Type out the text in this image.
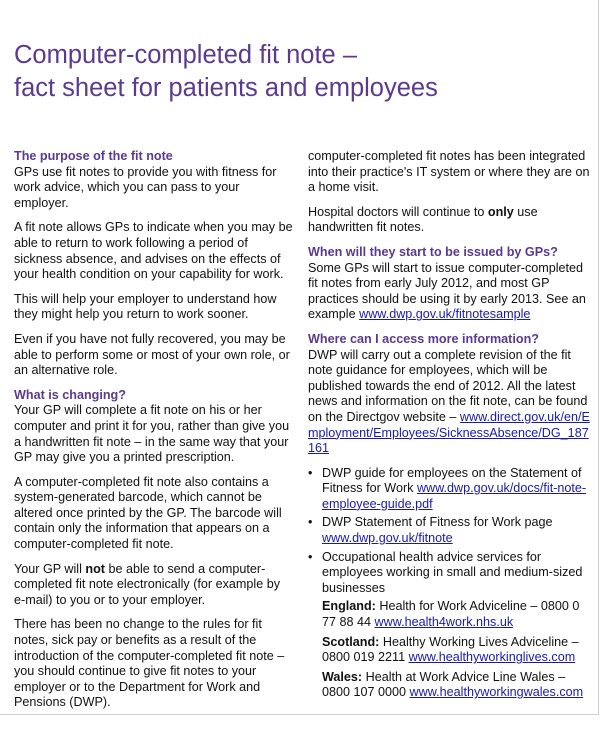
Computer-completed fit note –
fact sheet for patients and employees
The purpose of the fit note

GPs use fit notes to provide you with fitness for work advice, which you can pass to your employer.

A fit note allows GPs to indicate when you may be able to return to work following a period of sickness absence, and advises on the effects of your health condition on your capability for work.

This will help your employer to understand how they might help you return to work sooner.

Even if you have not fully recovered, you may be able to perform some or most of your own role, or an alternative role.

What is changing?

Your GP will complete a fit note on his or her computer and print it for you, rather than give you a handwritten fit note – in the same way that your GP may give you a printed prescription.

A computer-completed fit note also contains a system-generated barcode, which cannot be altered once printed by the GP. The barcode will contain only the information that appears on a computer-completed fit note.

Your GP will not be able to send a computer-completed fit note electronically (for example by e-mail) to you or to your employer.

There has been no change to the rules for fit notes, sick pay or benefits as a result of the introduction of the computer-completed fit note – you should continue to give fit notes to your employer or to the Department for Work and Pensions (DWP).

computer-completed fit notes has been integrated into their practice's IT system or where they are on a home visit.

Hospital doctors will continue to only use handwritten fit notes.

When will they start to be issued by GPs?

Some GPs will start to issue computer-completed fit notes from early July 2012, and most GP practices should be using it by early 2013. See an example www.dwp.gov.uk/fitnotesample

Where can I access more information?

DWP will carry out a complete revision of the fit note guidance for employees, which will be published towards the end of 2012. All the latest news and information on the fit note, can be found on the Directgov website – www.direct.gov.uk/en/Employment/Employees/SicknessAbsence/DG_187161

• DWP guide for employees on the Statement of Fitness for Work www.dwp.gov.uk/docs/fit-note-employee-guide.pdf
• DWP Statement of Fitness for Work page www.dwp.gov.uk/fitnote
• Occupational health advice services for employees working in small and medium-sized businesses
England: Health for Work Adviceline – 0800 0 77 88 44 www.health4work.nhs.uk
Scotland: Healthy Working Lives Adviceline – 0800 019 2211 www.healthyworkinglives.com
Wales: Health at Work Advice Line Wales – 0800 107 0000 www.healthyworkingwales.com
